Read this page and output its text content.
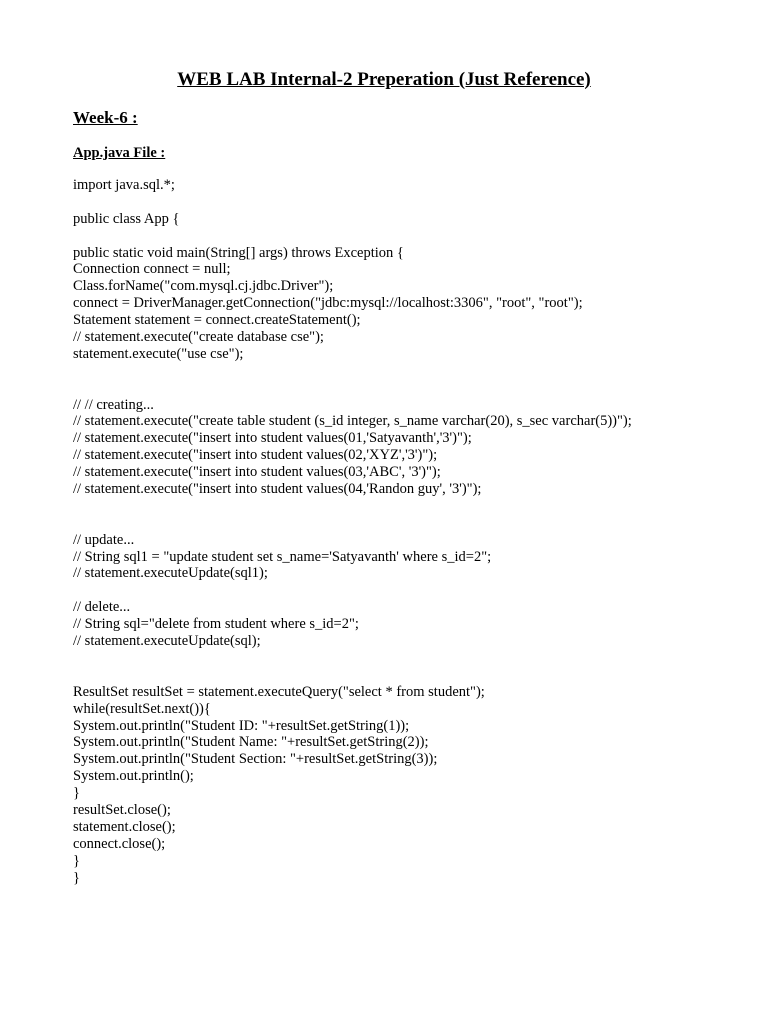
WEB LAB Internal-2 Preperation (Just Reference)
Week-6 :
App.java File :
import java.sql.*;
public class App {
public static void main(String[] args) throws Exception {
Connection connect = null;
Class.forName("com.mysql.cj.jdbc.Driver");
connect = DriverManager.getConnection("jdbc:mysql://localhost:3306", "root", "root");
Statement statement = connect.createStatement();
// statement.execute("create database cse");
statement.execute("use cse");
// // creating...
// statement.execute("create table student (s_id integer, s_name varchar(20), s_sec varchar(5))");
// statement.execute("insert into student values(01,'Satyavanth','3')");
// statement.execute("insert into student values(02,'XYZ','3')");
// statement.execute("insert into student values(03,'ABC', '3')");
// statement.execute("insert into student values(04,'Randon guy', '3')");
// update...
// String sql1 = "update student set s_name='Satyavanth' where s_id=2";
// statement.executeUpdate(sql1);
// delete...
// String sql="delete from student where s_id=2";
// statement.executeUpdate(sql);
ResultSet resultSet = statement.executeQuery("select * from student");
while(resultSet.next()){
System.out.println("Student ID: "+resultSet.getString(1));
System.out.println("Student Name: "+resultSet.getString(2));
System.out.println("Student Section: "+resultSet.getString(3));
System.out.println();
}
resultSet.close();
statement.close();
connect.close();
}
}
